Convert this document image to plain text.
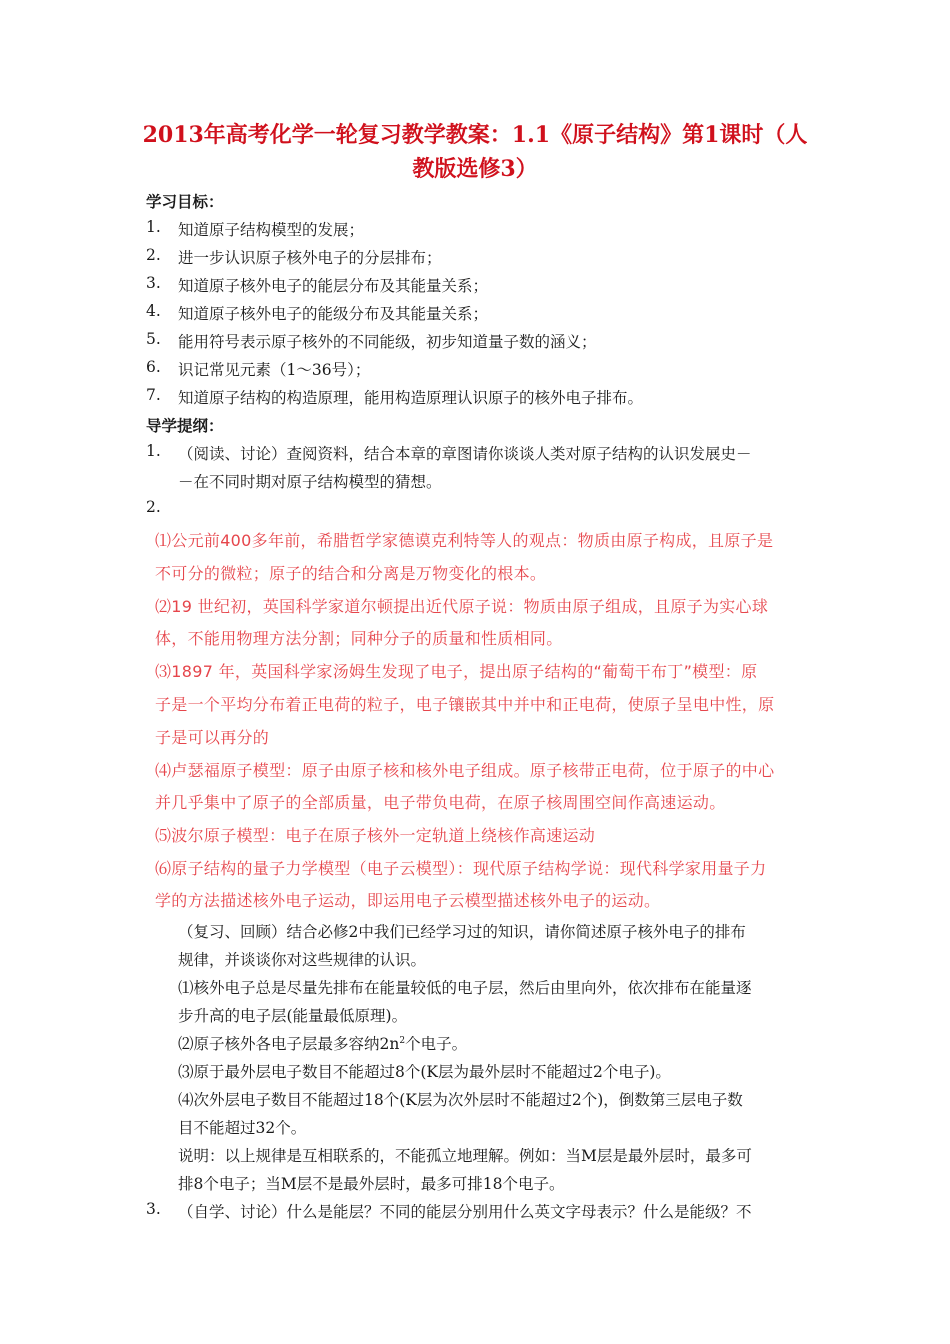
2013年高考化学一轮复习教学教案：1.1《原子结构》第1课时（人
教版选修3）
学习目标：
1. 知道原子结构模型的发展；
2. 进一步认识原子核外电子的分层排布；
3. 知道原子核外电子的能层分布及其能量关系；
4. 知道原子核外电子的能级分布及其能量关系；
5. 能用符号表示原子核外的不同能级，初步知道量子数的涵义；
6. 识记常见元素（1～36号）；
7. 知道原子结构的构造原理，能用构造原理认识原子的核外电子排布。
导学提纲：
1. （阅读、讨论）查阅资料，结合本章的章图请你谈谈人类对原子结构的认识发展史－
－在不同时期对原子结构模型的猜想。
2.
⑴公元前400多年前，希腊哲学家德谟克利特等人的观点：物质由原子构成，且原子是
不可分的微粒；原子的结合和分离是万物变化的根本。
⑵19 世纪初，英国科学家道尔顿提出近代原子说：物质由原子组成，且原子为实心球
体，不能用物理方法分割；同种分子的质量和性质相同。
⑶1897 年，英国科学家汤姆生发现了电子，提出原子结构的“葡萄干布丁”模型：原
子是一个平均分布着正电荷的粒子，电子镶嵌其中并中和正电荷，使原子呈电中性，原
子是可以再分的
⑷卢瑟福原子模型：原子由原子核和核外电子组成。原子核带正电荷，位于原子的中心
并几乎集中了原子的全部质量，电子带负电荷，在原子核周围空间作高速运动。
⑸波尔原子模型：电子在原子核外一定轨道上绕核作高速运动
⑹原子结构的量子力学模型（电子云模型）：现代原子结构学说：现代科学家用量子力
学的方法描述核外电子运动，即运用电子云模型描述核外电子的运动。
（复习、回顾）结合必修2中我们已经学习过的知识，请你简述原子核外电子的排布
规律，并谈谈你对这些规律的认识。
⑴核外电子总是尽量先排布在能量较低的电子层，然后由里向外，依次排布在能量逐
步升高的电子层(能量最低原理)。
⑵原子核外各电子层最多容纳$2n^2$个电子。
⑶原于最外层电子数目不能超过8个(K层为最外层时不能超过2个电子)。
⑷次外层电子数目不能超过18个(K层为次外层时不能超过2个)，倒数第三层电子数
目不能超过32个。
说明：以上规律是互相联系的，不能孤立地理解。例如：当M层是最外层时，最多可
排8个电子；当M层不是最外层时，最多可排18个电子。
3. （自学、讨论）什么是能层？不同的能层分别用什么英文字母表示？什么是能级？不
